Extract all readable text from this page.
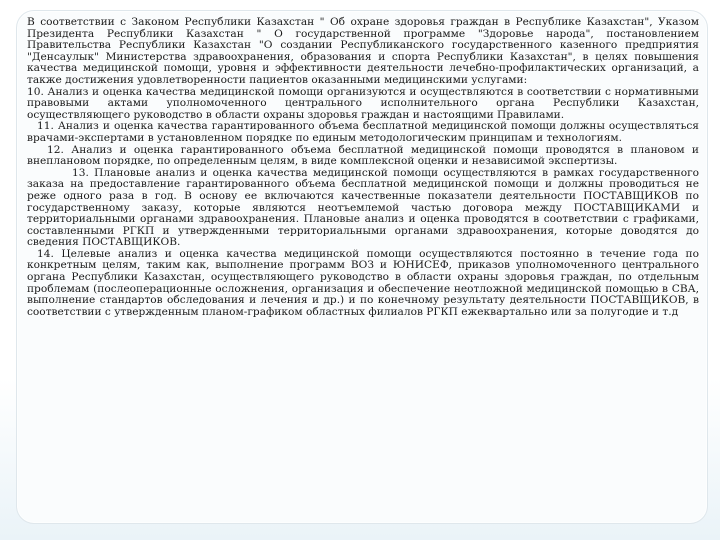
В соответствии с Законом Республики Казахстан " Об охране здоровья граждан в Республике Казахстан", Указом Президента Республики Казахстан " О государственной программе "Здоровье народа", постановлением Правительства Республики Казахстан "О создании Республиканского государственного казенного предприятия "Денсаулык" Министерства здравоохранения, образования и спорта Республики Казахстан", в целях повышения качества медицинской помощи, уровня и эффективности деятельности лечебно-профилактических организаций, а также достижения удовлетворенности пациентов оказанными медицинскими услугами:

10. Анализ и оценка качества медицинской помощи организуются и осуществляются в соответствии с нормативными правовыми актами уполномоченного центрального исполнительного органа Республики Казахстан, осуществляющего руководство в области охраны здоровья граждан и настоящими Правилами.

11. Анализ и оценка качества гарантированного объема бесплатной медицинской помощи должны осуществляться врачами-экспертами в установленном порядке по единым методологическим принципам и технологиям.

12. Анализ и оценка гарантированного объема бесплатной медицинской помощи проводятся в плановом и внеплановом порядке, по определенным целям, в виде комплексной оценки и независимой экспертизы.

13. Плановые анализ и оценка качества медицинской помощи осуществляются в рамках государственного заказа на предоставление гарантированного объема бесплатной медицинской помощи и должны проводиться не реже одного раза в год. В основу ее включаются качественные показатели деятельности ПОСТАВЩИКОВ по государственному заказу, которые являются неотъемлемой частью договора между ПОСТАВЩИКАМИ и территориальными органами здравоохранения. Плановые анализ и оценка проводятся в соответствии с графиками, составленными РГКП и утвержденными территориальными органами здравоохранения, которые доводятся до сведения ПОСТАВЩИКОВ.

14. Целевые анализ и оценка качества медицинской помощи осуществляются постоянно в течение года по конкретным целям, таким как, выполнение программ ВОЗ и ЮНИСЕФ, приказов уполномоченного центрального органа Республики Казахстан, осуществляющего руководство в области охраны здоровья граждан, по отдельным проблемам (послеоперационные осложнения, организация и обеспечение неотложной медицинской помощью в СВА, выполнение стандартов обследования и лечения и др.) и по конечному результату деятельности ПОСТАВЩИКОВ, в соответствии с утвержденным планом-графиком областных филиалов РГКП ежеквартально или за полугодие и т.д
